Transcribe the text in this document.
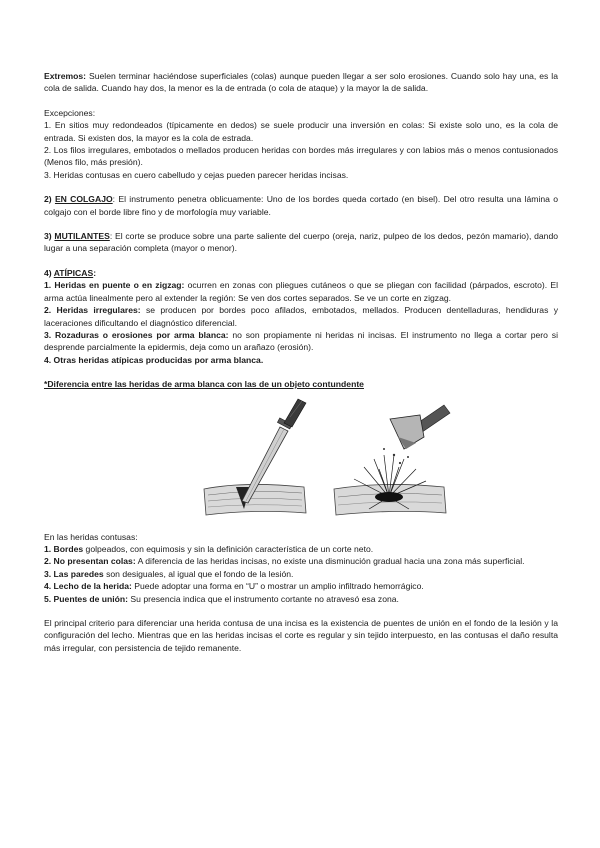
Extremos: Suelen terminar haciéndose superficiales (colas) aunque pueden llegar a ser solo erosiones. Cuando solo hay una, es la cola de salida. Cuando hay dos, la menor es la de entrada (o cola de ataque) y la mayor la de salida.

Excepciones:

1. En sitios muy redondeados (típicamente en dedos) se suele producir una inversión en colas: Si existe solo uno, es la cola de entrada. Si existen dos, la mayor es la cola de estrada.

2. Los filos irregulares, embotados o mellados producen heridas con bordes más irregulares y con labios más o menos contusionados (Menos filo, más presión).

3. Heridas contusas en cuero cabelludo y cejas pueden parecer heridas incisas.

2) EN COLGAJO: El instrumento penetra oblicuamente: Uno de los bordes queda cortado (en bisel). Del otro resulta una lámina o colgajo con el borde libre fino y de morfología muy variable.

3) MUTILANTES: El corte se produce sobre una parte saliente del cuerpo (oreja, nariz, pulpeo de los dedos, pezón mamario), dando lugar a una separación completa (mayor o menor).

4) ATÍPICAS:

1. Heridas en puente o en zigzag: ocurren en zonas con pliegues cutáneos o que se pliegan con facilidad (párpados, escroto). El arma actúa linealmente pero al extender la región: Se ven dos cortes separados. Se ve un corte en zigzag.

2. Heridas irregulares: se producen por bordes poco afilados, embotados, mellados. Producen dentelladuras, hendiduras y laceraciones dificultando el diagnóstico diferencial.

3. Rozaduras o erosiones por arma blanca: no son propiamente ni heridas ni incisas. El instrumento no llega a cortar pero si desprende parcialmente la epidermis, deja como un arañazo (erosión).

4. Otras heridas atípicas producidas por arma blanca.

*Diferencia entre las heridas de arma blanca con las de un objeto contundente

En las heridas contusas:

1. Bordes golpeados, con equimosis y sin la definición característica de un corte neto.

2. No presentan colas: A diferencia de las heridas incisas, no existe una disminución gradual hacia una zona más superficial.

3. Las paredes son desiguales, al igual que el fondo de la lesión.

4. Lecho de la herida: Puede adoptar una forma en “U” o mostrar un amplio infiltrado hemorrágico.

5. Puentes de unión: Su presencia indica que el instrumento cortante no atravesó esa zona.

El principal criterio para diferenciar una herida contusa de una incisa es la existencia de puentes de unión en el fondo de la lesión y la configuración del lecho. Mientras que en las heridas incisas el corte es regular y sin tejido interpuesto, en las contusas el daño resulta más irregular, con persistencia de tejido remanente.
